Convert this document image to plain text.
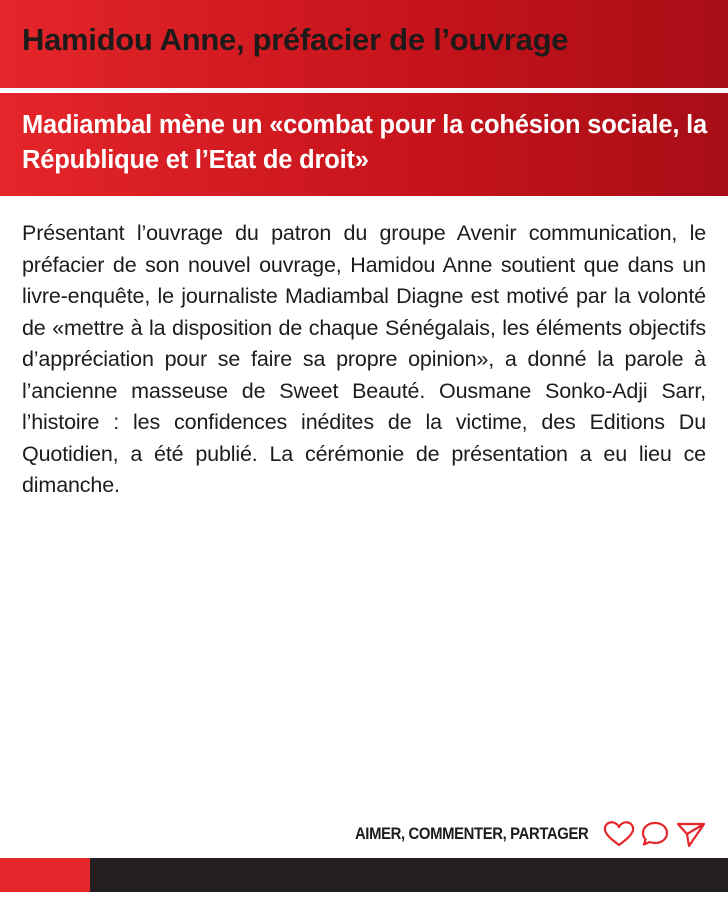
Hamidou Anne, préfacier de l’ouvrage
Madiambal mène un «combat pour la cohésion sociale, la République et l’Etat de droit»

Présentant l’ouvrage du patron du groupe Avenir communication, le préfacier de son nouvel ouvrage, Hamidou Anne soutient que dans un livre-enquête, le journaliste Madiambal Diagne est motivé par la volonté de «mettre à la disposition de chaque Sénégalais, les éléments objectifs d’appréciation pour se faire sa propre opinion», a donné la parole à l’ancienne masseuse de Sweet Beauté. Ousmane Sonko-Adji Sarr, l’histoire : les confidences inédites de la victime, des Editions Du Quotidien, a été publié. La cérémonie de présentation a eu lieu ce dimanche.

AIMER, COMMENTER, PARTAGER
